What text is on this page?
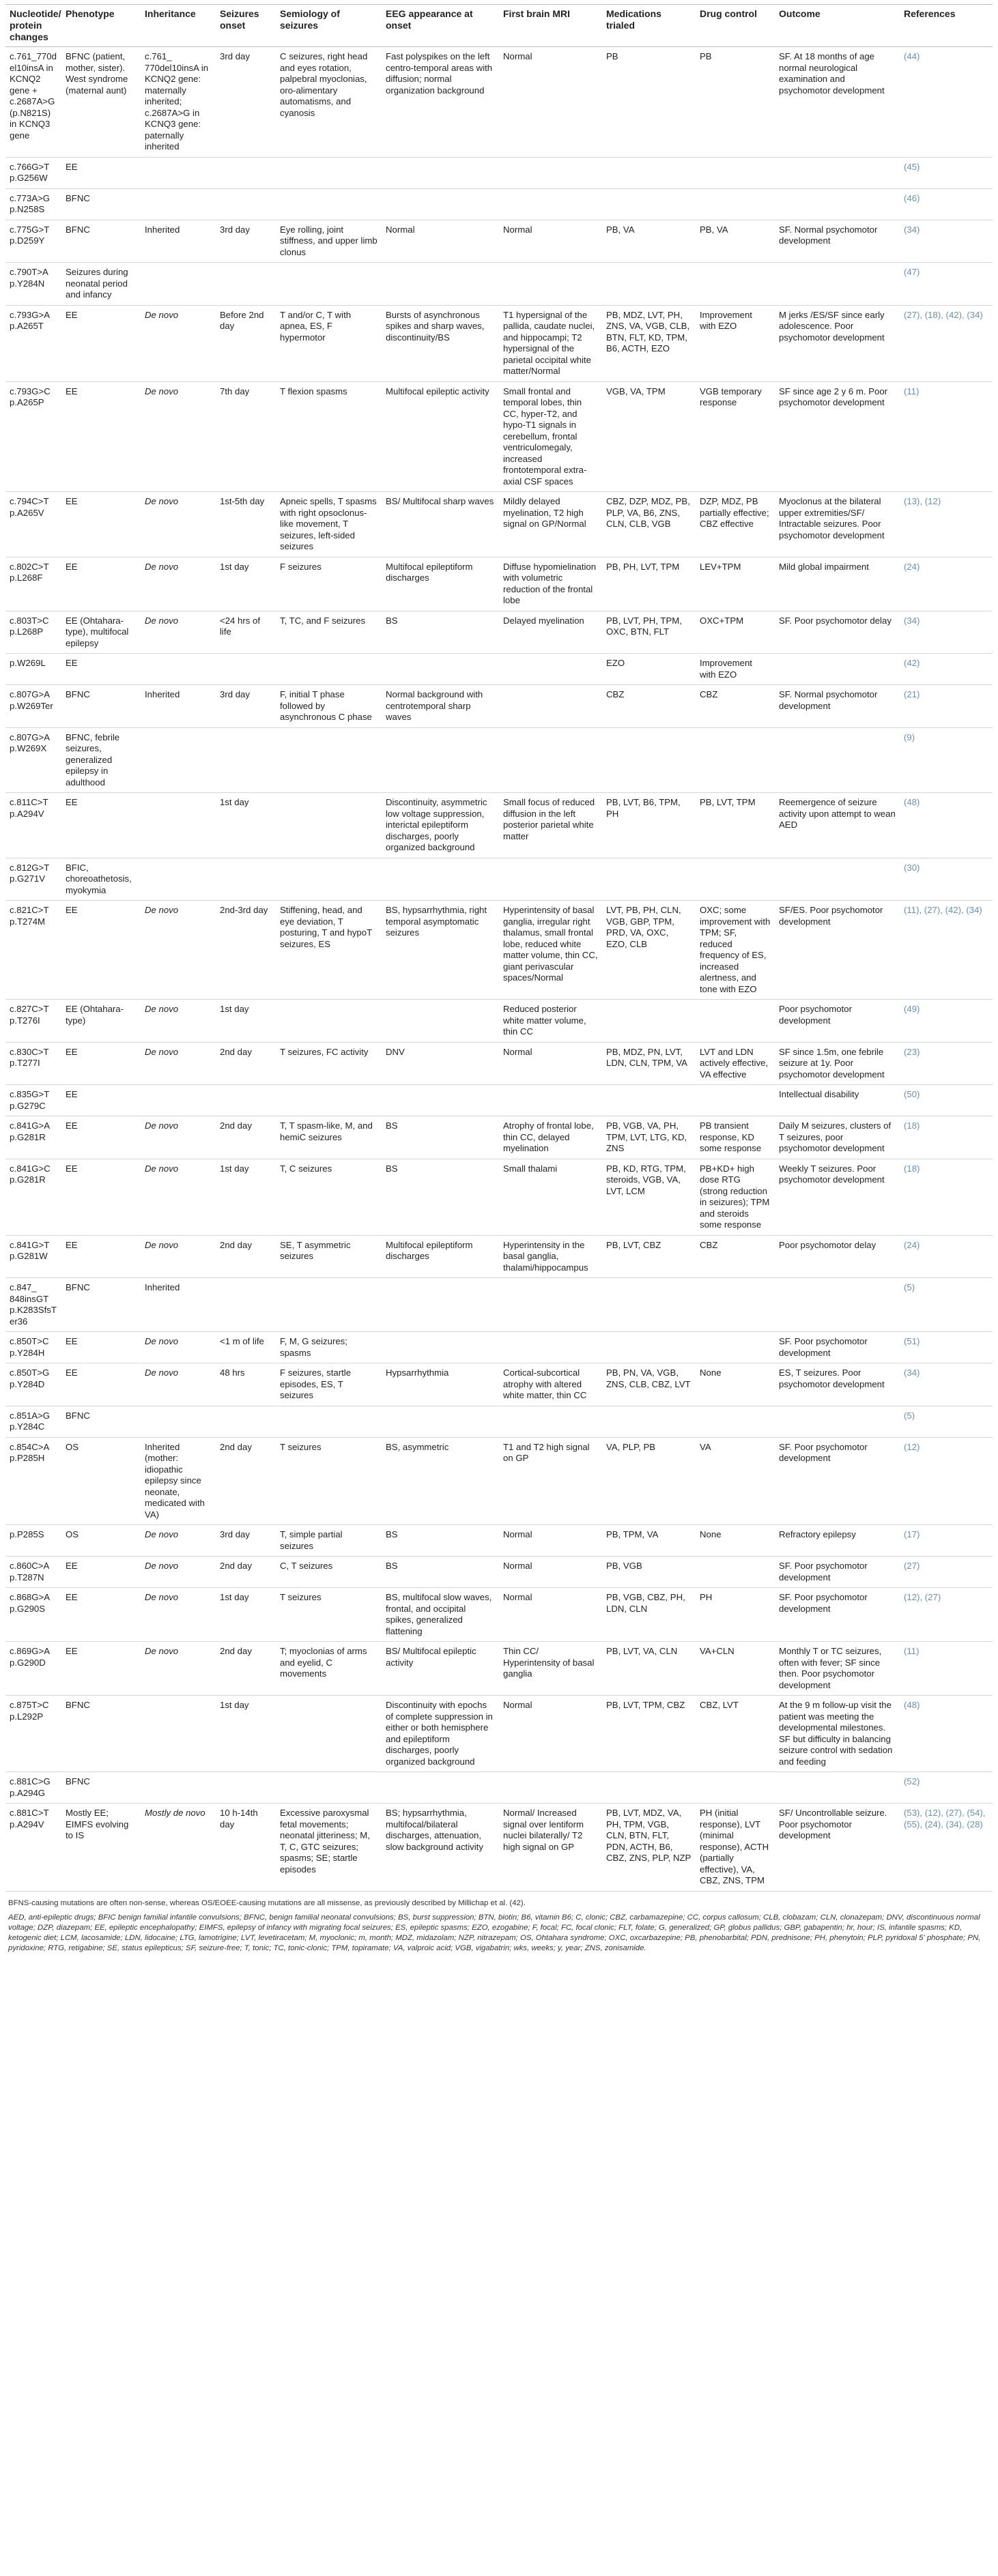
Nucleotide/ protein changes	Phenotype	Inheritance	Seizures onset	Semiology of seizures	EEG appearance at onset	First brain MRI	Medications trialed	Drug control	Outcome	References
c.761_770del10insA in KCNQ2 gene + c.2687A>G (p.N821S) in KCNQ3 gene	BFNC (patient, mother, sister). West syndrome (maternal aunt)	c.761_ 770del10insA in KCNQ2 gene: maternally inherited; c.2687A>G in KCNQ3 gene: paternally inherited	3rd day	C seizures, right head and eyes rotation, palpebral myoclonias, oro-alimentary automatisms, and cyanosis	Fast polyspikes on the left centro-temporal areas with diffusion; normal organization background	Normal	PB	PB	SF. At 18 months of age normal neurological examination and psychomotor development	(44)
c.766G>T p.G256W	EE									(45)
c.773A>G p.N258S	BFNC									(46)
c.775G>T p.D259Y	BFNC	Inherited	3rd day	Eye rolling, joint stiffness, and upper limb clonus	Normal	Normal	PB, VA	PB, VA	SF. Normal psychomotor development	(34)
c.790T>A p.Y284N	Seizures during neonatal period and infancy									(47)
c.793G>A p.A265T	EE	De novo	Before 2nd day	T and/or C, T with apnea, ES, F hypermotor	Bursts of asynchronous spikes and sharp waves, discontinuity/BS	T1 hypersignal of the pallida, caudate nuclei, and hippocampi; T2 hypersignal of the parietal occipital white matter/Normal	PB, MDZ, LVT, PH, ZNS, VA, VGB, CLB, BTN, FLT, KD, TPM, B6, ACTH, EZO	Improvement with EZO	M jerks /ES/SF since early adolescence. Poor psychomotor development	(27), (18), (42), (34)
c.793G>C p.A265P	EE	De novo	7th day	T flexion spasms	Multifocal epileptic activity	Small frontal and temporal lobes, thin CC, hyper-T2, and hypo-T1 signals in cerebellum, frontal ventriculomegaly, increased frontotemporal extra-axial CSF spaces	VGB, VA, TPM	VGB temporary response	SF since age 2 y 6 m. Poor psychomotor development	(11)
c.794C>T p.A265V	EE	De novo	1st-5th day	Apneic spells, T spasms with right opsoclonus-like movement, T seizures, left-sided seizures	BS/ Multifocal sharp waves	Mildly delayed myelination, T2 high signal on GP/Normal	CBZ, DZP, MDZ, PB, PLP, VA, B6, ZNS, CLN, CLB, VGB	DZP, MDZ, PB partially effective; CBZ effective	Myoclonus at the bilateral upper extremities/SF/ Intractable seizures. Poor psychomotor development	(13), (12)
c.802C>T p.L268F	EE	De novo	1st day	F seizures	Multifocal epileptiform discharges	Diffuse hypomielination with volumetric reduction of the frontal lobe	PB, PH, LVT, TPM	LEV+TPM	Mild global impairment	(24)
c.803T>C p.L268P	EE (Ohtahara-type), multifocal epilepsy	De novo	<24 hrs of life	T, TC, and F seizures	BS	Delayed myelination	PB, LVT, PH, TPM, OXC, BTN, FLT	OXC+TPM	SF. Poor psychomotor delay	(34)
p.W269L	EE						EZO	Improvement with EZO		(42)
c.807G>A p.W269Ter	BFNC	Inherited	3rd day	F, initial T phase followed by asynchronous C phase	Normal background with centrotemporal sharp waves		CBZ	CBZ	SF. Normal psychomotor development	(21)
c.807G>A p.W269X	BFNC, febrile seizures, generalized epilepsy in adulthood									(9)
c.811C>T p.A294V	EE		1st day		Discontinuity, asymmetric low voltage suppression, interictal epileptiform discharges, poorly organized background	Small focus of reduced diffusion in the left posterior parietal white matter	PB, LVT, B6, TPM, PH	PB, LVT, TPM	Reemergence of seizure activity upon attempt to wean AED	(48)
c.812G>T p.G271V	BFIC, choreoathetosis, myokymia									(30)
c.821C>T p.T274M	EE	De novo	2nd-3rd day	Stiffening, head, and eye deviation, T posturing, T and hypoT seizures, ES	BS, hypsarrhythmia, right temporal asymptomatic seizures	Hyperintensity of basal ganglia, irregular right thalamus, small frontal lobe, reduced white matter volume, thin CC, giant perivascular spaces/Normal	LVT, PB, PH, CLN, VGB, GBP, TPM, PRD, VA, OXC, EZO, CLB	OXC; some improvement with TPM; SF, reduced frequency of ES, increased alertness, and tone with EZO	SF/ES. Poor psychomotor development	(11), (27), (42), (34)
c.827C>T p.T276I	EE (Ohtahara-type)	De novo	1st day			Reduced posterior white matter volume, thin CC			Poor psychomotor development	(49)
c.830C>T p.T277I	EE	De novo	2nd day	T seizures, FC activity	DNV	Normal	PB, MDZ, PN, LVT, LDN, CLN, TPM, VA	LVT and LDN actively effective, VA effective	SF since 1.5m, one febrile seizure at 1y. Poor psychomotor development	(23)
c.835G>T p.G279C	EE								Intellectual disability	(50)
c.841G>A p.G281R	EE	De novo	2nd day	T, T spasm-like, M, and hemiC seizures	BS	Atrophy of frontal lobe, thin CC, delayed myelination	PB, VGB, VA, PH, TPM, LVT, LTG, KD, ZNS	PB transient response, KD some response	Daily M seizures, clusters of T seizures, poor psychomotor development	(18)
c.841G>C p.G281R	EE	De novo	1st day	T, C seizures	BS	Small thalami	PB, KD, RTG, TPM, steroids, VGB, VA, LVT, LCM	PB+KD+ high dose RTG (strong reduction in seizures); TPM and steroids some response	Weekly T seizures. Poor psychomotor development	(18)
c.841G>T p.G281W	EE	De novo	2nd day	SE, T asymmetric seizures	Multifocal epileptiform discharges	Hyperintensity in the basal ganglia, thalami/hippocampus	PB, LVT, CBZ	CBZ	Poor psychomotor delay	(24)
c.847_ 848insGT p.K283SfsTer36	BFNC	Inherited								(5)
c.850T>C p.Y284H	EE	De novo	<1 m of life	F, M, G seizures; spasms					SF. Poor psychomotor development	(51)
c.850T>G p.Y284D	EE	De novo	48 hrs	F seizures, startle episodes, ES, T seizures	Hypsarrhythmia	Cortical-subcortical atrophy with altered white matter, thin CC	PB, PN, VA, VGB, ZNS, CLB, CBZ, LVT	None	ES, T seizures. Poor psychomotor development	(34)
c.851A>G p.Y284C	BFNC									(5)
c.854C>A p.P285H	OS	Inherited (mother: idiopathic epilepsy since neonate, medicated with VA)	2nd day	T seizures	BS, asymmetric	T1 and T2 high signal on GP	VA, PLP, PB	VA	SF. Poor psychomotor development	(12)
p.P285S	OS	De novo	3rd day	T, simple partial seizures	BS	Normal	PB, TPM, VA	None	Refractory epilepsy	(17)
c.860C>A p.T287N	EE	De novo	2nd day	C, T seizures	BS	Normal	PB, VGB		SF. Poor psychomotor development	(27)
c.868G>A p.G290S	EE	De novo	1st day	T seizures	BS, multifocal slow waves, frontal, and occipital spikes, generalized flattening	Normal	PB, VGB, CBZ, PH, LDN, CLN	PH	SF. Poor psychomotor development	(12), (27)
c.869G>A p.G290D	EE	De novo	2nd day	T; myoclonias of arms and eyelid, C movements	BS/ Multifocal epileptic activity	Thin CC/ Hyperintensity of basal ganglia	PB, LVT, VA, CLN	VA+CLN	Monthly T or TC seizures, often with fever; SF since then. Poor psychomotor development	(11)
c.875T>C p.L292P	BFNC		1st day		Discontinuity with epochs of complete suppression in either or both hemisphere and epileptiform discharges, poorly organized background	Normal	PB, LVT, TPM, CBZ	CBZ, LVT	At the 9 m follow-up visit the patient was meeting the developmental milestones. SF but difficulty in balancing seizure control with sedation and feeding	(48)
c.881C>G p.A294G	BFNC									(52)
c.881C>T p.A294V	Mostly EE; EIMFS evolving to IS	Mostly de novo	10 h-14th day	Excessive paroxysmal fetal movements; neonatal jitteriness; M, T, C, GTC seizures; spasms; SE; startle episodes	BS; hypsarrhythmia, multifocal/bilateral discharges, attenuation, slow background activity	Normal/ Increased signal over lentiform nuclei bilaterally/ T2 high signal on GP	PB, LVT, MDZ, VA, PH, TPM, VGB, CLN, BTN, FLT, PDN, ACTH, B6, CBZ, ZNS, PLP, NZP	PH (initial response), LVT (minimal response), ACTH (partially effective), VA, CBZ, ZNS, TPM	SF/ Uncontrollable seizure. Poor psychomotor development	(53), (12), (27), (54), (55), (24), (34), (28)

BFNS-causing mutations are often non-sense, whereas OS/EOEE-causing mutations are all missense, as previously described by Millichap et al. (42).

AED, anti-epileptic drugs; BFIC benign familial infantile convulsions; BFNC, benign familial neonatal convulsions; BS, burst suppression; BTN, biotin; B6, vitamin B6; C, clonic; CBZ, carbamazepine; CC, corpus callosum; CLB, clobazam; CLN, clonazepam; DNV, discontinuous normal voltage; DZP, diazepam; EE, epileptic encephalopathy; EIMFS, epilepsy of infancy with migrating focal seizures; ES, epileptic spasms; EZO, ezogabine; F, focal; FC, focal clonic; FLT, folate; G, generalized; GP, globus pallidus; GBP, gabapentin; hr, hour; IS, infantile spasms; KD, ketogenic diet; LCM, lacosamide; LDN, lidocaine; LTG, lamotrigine; LVT, levetiracetam; M, myoclonic; m, month; MDZ, midazolam; NZP, nitrazepam; OS, Ohtahara syndrome; OXC, oxcarbazepine; PB, phenobarbital; PDN, prednisone; PH, phenytoin; PLP, pyridoxal 5' phosphate; PN, pyridoxine; RTG, retigabine; SE, status epilepticus; SF, seizure-free; T, tonic; TC, tonic-clonic; TPM, topiramate; VA, valproic acid; VGB, vigabatrin; wks, weeks; y, year; ZNS, zonisamide.
